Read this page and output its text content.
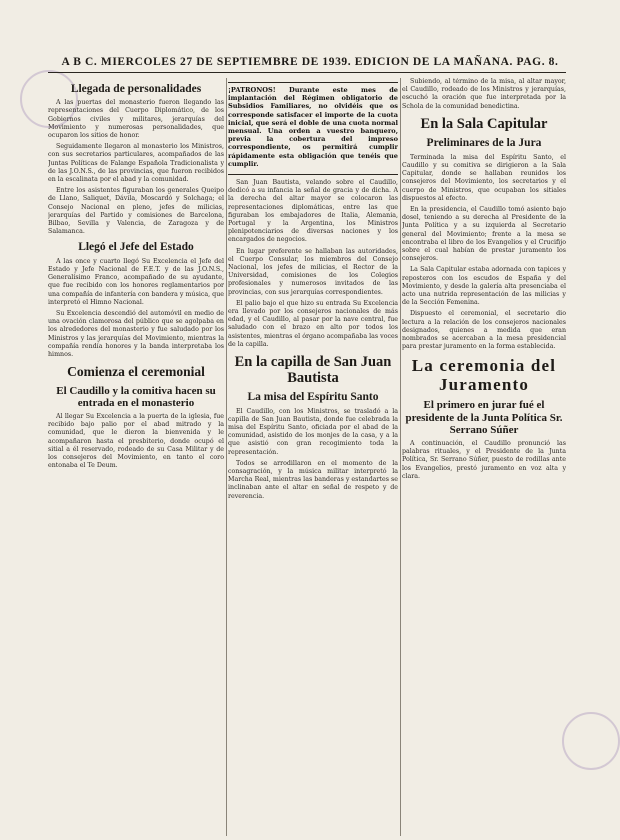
A B C. MIERCOLES 27 DE SEPTIEMBRE DE 1939. EDICION DE LA MAÑANA. PAG. 8.
Llegada de personalidades

A las puertas del monasterio fueron llegando las representaciones del Cuerpo Diplomático, de los Gobiernos civiles y militares, jerarquías del Movimiento y numerosas personalidades, que ocuparon los sitios de honor.

Seguidamente llegaron al monasterio los Ministros, con sus secretarios particulares, acompañados de las Juntas Políticas de Falange Española Tradicionalista y de las J.O.N.S., de las provincias, que fueron recibidos en la escalinata por el abad y la comunidad.

Entre los asistentes figuraban los generales Queipo de Llano, Saliquet, Dávila, Moscardó y Solchaga; el Consejo Nacional en pleno, jefes de milicias, jerarquías del Partido y comisiones de Barcelona, Bilbao, Sevilla y Valencia, de Zaragoza y de Salamanca.

Llegó el Jefe del Estado

A las once y cuarto llegó Su Excelencia el Jefe del Estado y Jefe Nacional de F.E.T. y de las J.O.N.S., Generalísimo Franco, acompañado de su ayudante, que fue recibido con los honores reglamentarios por una compañía de infantería con bandera y música, que interpretó el Himno Nacional.

Su Excelencia descendió del automóvil en medio de una ovación clamorosa del público que se agolpaba en los alrededores del monasterio y fue saludado por los Ministros y las jerarquías del Movimiento, mientras la compañía rendía honores y la banda interpretaba los himnos.

Comienza el ceremonial
El Caudillo y la comitiva hacen su entrada en el monasterio

Al llegar Su Excelencia a la puerta de la iglesia, fue recibido bajo palio por el abad mitrado y la comunidad, que le dieron la bienvenida y le acompañaron hasta el presbiterio, donde ocupó el sitial a él reservado, rodeado de su Casa Militar y de los consejeros del Movimiento, en tanto el coro entonaba el Te Deum.

¡PATRONOS! Durante este mes de implantación del Régimen obligatorio de Subsidios Familiares, no olvidéis que os corresponde satisfacer el importe de la cuota inicial, que será el doble de una cuota normal mensual. Una orden a vuestro banquero, previa la cobertura del impreso correspondiente, os permitirá cumplir rápidamente esta obligación que tenéis que cumplir.

San Juan Bautista, velando sobre el Caudillo, dedicó a su infancia la señal de gracia y de dicha. A la derecha del altar mayor se colocaron las representaciones diplomáticas, entre las que figuraban los embajadores de Italia, Alemania, Portugal y la Argentina, los Ministros plenipotenciarios de diversas naciones y los encargados de negocios.

En lugar preferente se hallaban las autoridades, el Cuerpo Consular, los miembros del Consejo Nacional, los jefes de milicias, el Rector de la Universidad, comisiones de los Colegios profesionales y numerosos invitados de las provincias, con sus jerarquías correspondientes.

El palio bajo el que hizo su entrada Su Excelencia era llevado por los consejeros nacionales de más edad, y el Caudillo, al pasar por la nave central, fue saludado con el brazo en alto por todos los asistentes, mientras el órgano acompañaba las voces de la capilla.

En la capilla de San Juan Bautista
La misa del Espíritu Santo

El Caudillo, con los Ministros, se trasladó a la capilla de San Juan Bautista, donde fue celebrada la misa del Espíritu Santo, oficiada por el abad de la comunidad, asistido de los monjes de la casa, y a la que asistió con gran recogimiento toda la representación.

Todos se arrodillaron en el momento de la consagración, y la música militar interpretó la Marcha Real, mientras las banderas y estandartes se inclinaban ante el altar en señal de respeto y de reverencia.

Subiendo, al término de la misa, al altar mayor, el Caudillo, rodeado de los Ministros y jerarquías, escuchó la oración que fue interpretada por la Schola de la comunidad benedictina.

En la Sala Capitular
Preliminares de la Jura

Terminada la misa del Espíritu Santo, el Caudillo y su comitiva se dirigieron a la Sala Capitular, donde se hallaban reunidos los consejeros del Movimiento, los secretarios y el cuerpo de Ministros, que ocupaban los sitiales dispuestos al efecto.

En la presidencia, el Caudillo tomó asiento bajo dosel, teniendo a su derecha al Presidente de la Junta Política y a su izquierda al Secretario general del Movimiento; frente a la mesa se encontraba el libro de los Evangelios y el Crucifijo sobre el cual habían de prestar juramento los consejeros.

La Sala Capitular estaba adornada con tapices y reposteros con los escudos de España y del Movimiento, y desde la galería alta presenciaba el acto una nutrida representación de las milicias y de la Sección Femenina.

Dispuesto el ceremonial, el secretario dio lectura a la relación de los consejeros nacionales designados, quienes a medida que eran nombrados se acercaban a la mesa presidencial para prestar juramento en la forma establecida.

La ceremonia del Juramento
El primero en jurar fué el presidente de la Junta Política Sr. Serrano Súñer

A continuación, el Caudillo pronunció las palabras rituales, y el Presidente de la Junta Política, Sr. Serrano Súñer, puesto de rodillas ante los Evangelios, prestó juramento en voz alta y clara.
